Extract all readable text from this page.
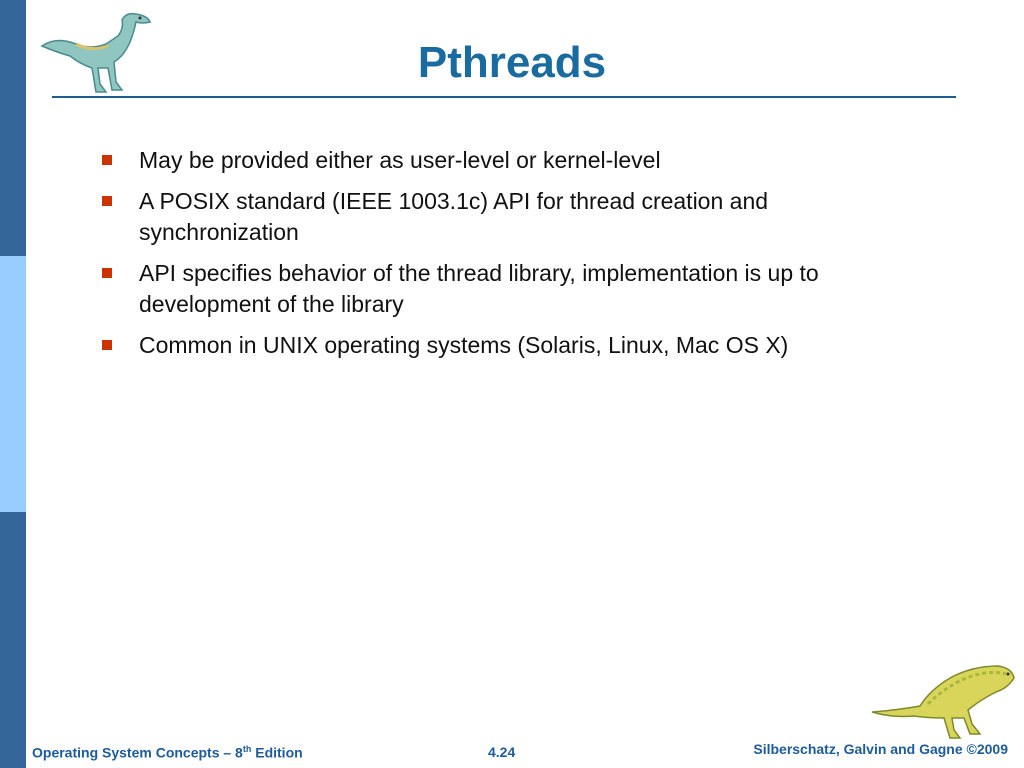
Pthreads
May be provided either as user-level or kernel-level
A POSIX standard (IEEE 1003.1c) API for thread creation and synchronization
API specifies behavior of the thread library, implementation is up to development of the library
Common in UNIX operating systems (Solaris, Linux, Mac OS X)
Operating System Concepts – 8th Edition	4.24	Silberschatz, Galvin and Gagne ©2009
